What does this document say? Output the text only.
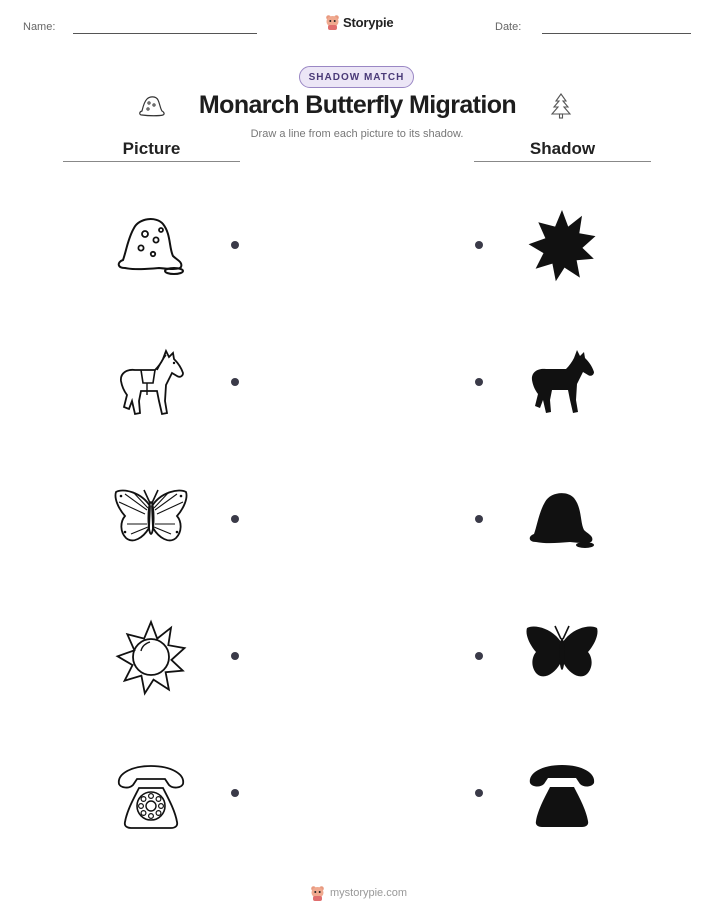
Name:	Storypie	Date:
SHADOW MATCH
Monarch Butterfly Migration
Draw a line from each picture to its shadow.
Picture	Shadow
mystorypie.com
